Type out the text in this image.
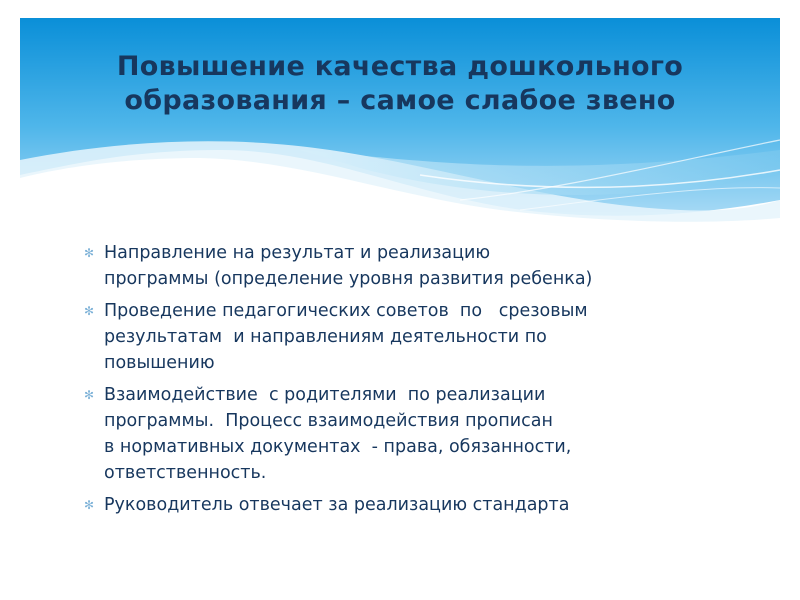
Повышение качества дошкольного
образования – самое слабое звено
✻ Направление на результат и реализацию
программы (определение уровня развития ребенка)
✻ Проведение педагогических советов  по   срезовым
результатам  и направлениям деятельности по
повышению
✻ Взаимодействие  с родителями  по реализации
программы.  Процесс взаимодействия прописан
в нормативных документах  - права, обязанности,
ответственность.
✻ Руководитель отвечает за реализацию стандарта
